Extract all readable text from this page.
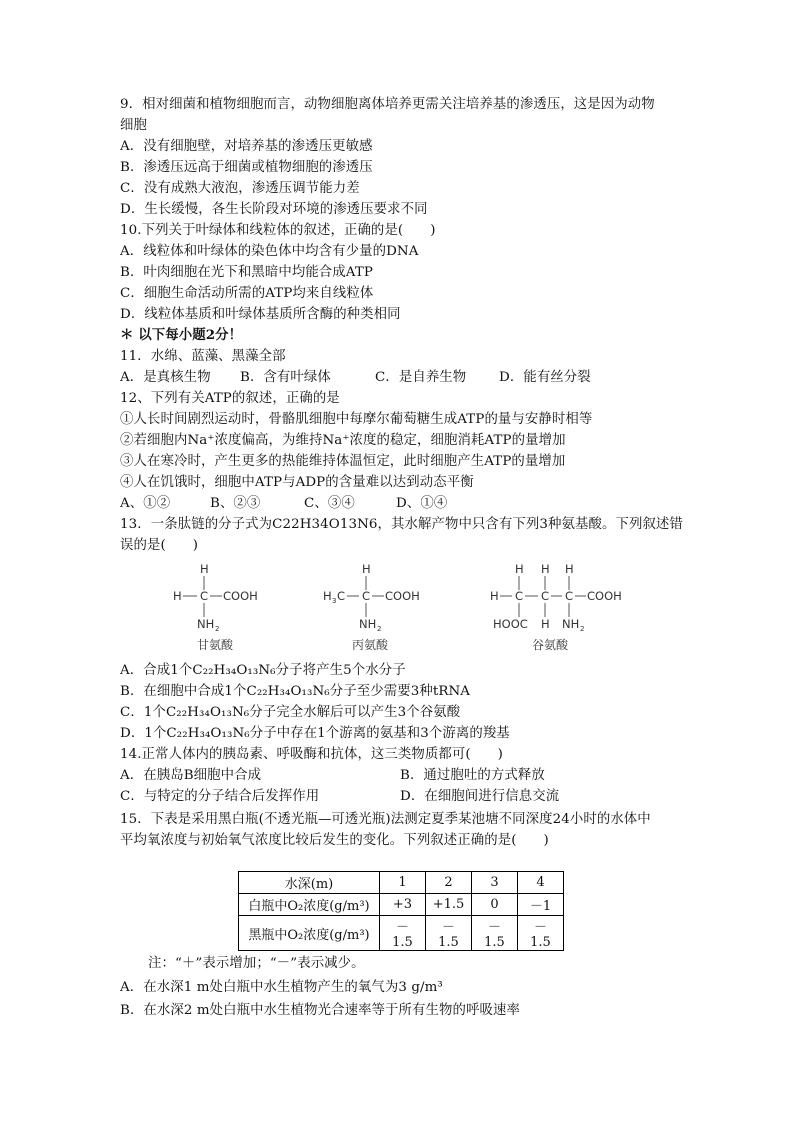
9．相对细菌和植物细胞而言，动物细胞离体培养更需关注培养基的渗透压，这是因为动物
细胞
A．没有细胞壁，对培养基的渗透压更敏感
B．渗透压远高于细菌或植物细胞的渗透压
C．没有成熟大液泡，渗透压调节能力差
D．生长缓慢，各生长阶段对环境的渗透压要求不同
10.下列关于叶绿体和线粒体的叙述，正确的是(　　)
A．线粒体和叶绿体的染色体中均含有少量的DNA
B．叶肉细胞在光下和黑暗中均能合成ATP
C．细胞生命活动所需的ATP均来自线粒体
D．线粒体基质和叶绿体基质所含酶的种类相同
＊ 以下每小题2分！
11．水绵、蓝藻、黑藻全部
A．是真核生物	B．含有叶绿体	C．是自养生物	D．能有丝分裂
12、下列有关ATP的叙述，正确的是
①人长时间剧烈运动时，骨骼肌细胞中每摩尔葡萄糖生成ATP的量与安静时相等
②若细胞内Na⁺浓度偏高，为维持Na⁺浓度的稳定，细胞消耗ATP的量增加
③人在寒冷时，产生更多的热能维持体温恒定，此时细胞产生ATP的量增加
④人在饥饿时，细胞中ATP与ADP的含量难以达到动态平衡
A、①②	B、②③	C、③④	D、①④
13．一条肽链的分子式为C22H34O13N6，其水解产物中只含有下列3种氨基酸。下列叙述错
误的是(　　)
H
H C COOH
NH 2
甘氨酸
H
H 3 C C COOH
NH 2
丙氨酸
H H H
H C C C COOH
HOOC H NH 2
谷氨酸
A．合成1个C₂₂H₃₄O₁₃N₆分子将产生5个水分子
B．在细胞中合成1个C₂₂H₃₄O₁₃N₆分子至少需要3种tRNA
C．1个C₂₂H₃₄O₁₃N₆分子完全水解后可以产生3个谷氨酸
D．1个C₂₂H₃₄O₁₃N₆分子中存在1个游离的氨基和3个游离的羧基
14.正常人体内的胰岛素、呼吸酶和抗体，这三类物质都可(　　)
A．在胰岛B细胞中合成	B．通过胞吐的方式释放
C．与特定的分子结合后发挥作用	D．在细胞间进行信息交流
15．下表是采用黑白瓶(不透光瓶—可透光瓶)法测定夏季某池塘不同深度24小时的水体中
平均氧浓度与初始氧气浓度比较后发生的变化。下列叙述正确的是(　　)
水深(m)	1	2	3	4
白瓶中O₂浓度(g/m³)	+3	+1.5	0	－1
黑瓶中O₂浓度(g/m³)	－1.5	－1.5	－1.5	－1.5
注：“＋”表示增加；“－”表示减少。
A．在水深1 m处白瓶中水生植物产生的氧气为3 g/m³
B．在水深2 m处白瓶中水生植物光合速率等于所有生物的呼吸速率
